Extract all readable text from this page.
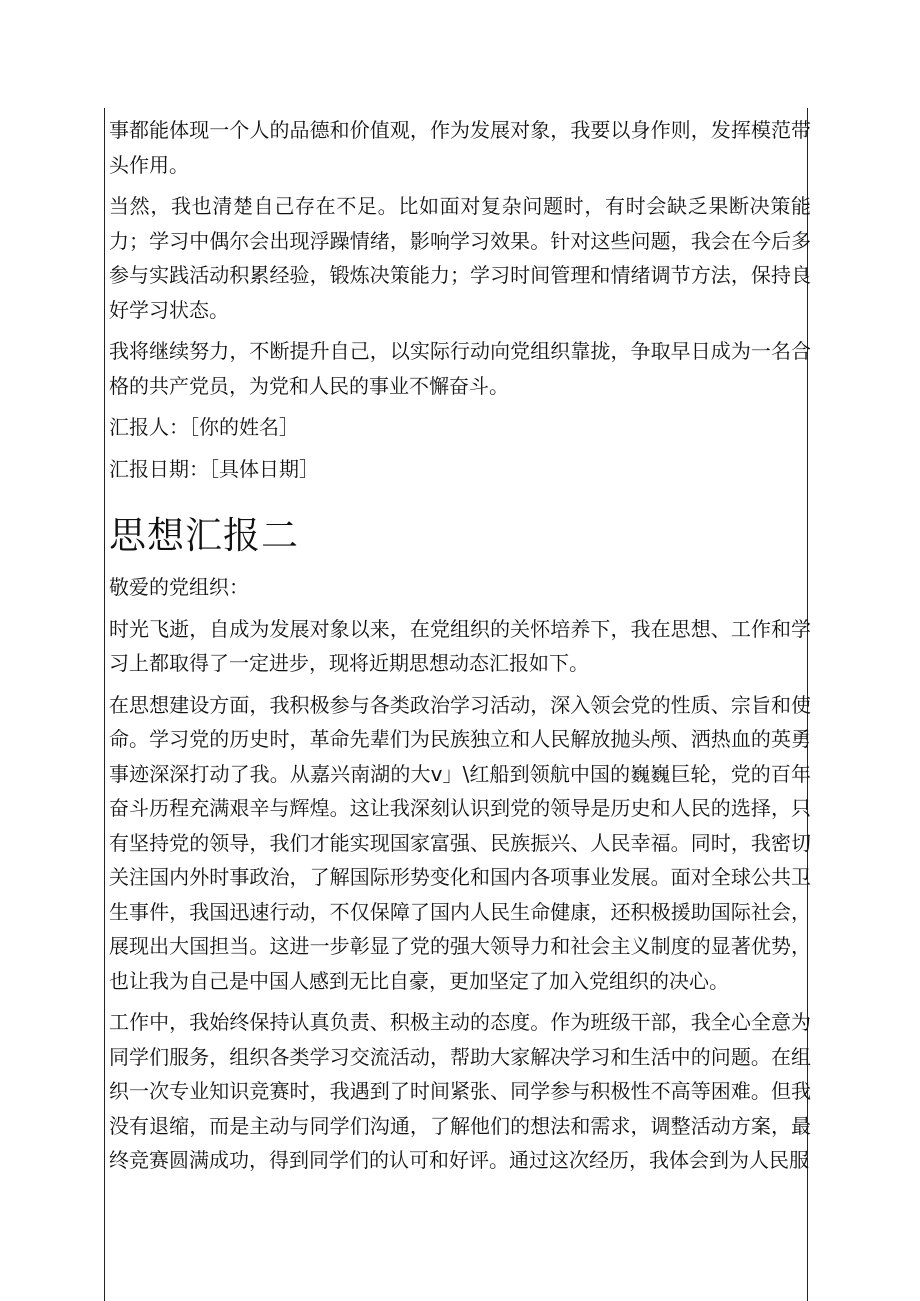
事都能体现一个人的品德和价值观，作为发展对象，我要以身作则，发挥模范带头作用。

当然，我也清楚自己存在不足。比如面对复杂问题时，有时会缺乏果断决策能力；学习中偶尔会出现浮躁情绪，影响学习效果。针对这些问题，我会在今后多参与实践活动积累经验，锻炼决策能力；学习时间管理和情绪调节方法，保持良好学习状态。

我将继续努力，不断提升自己，以实际行动向党组织靠拢，争取早日成为一名合格的共产党员，为党和人民的事业不懈奋斗。

汇报人：［你的姓名］

汇报日期：［具体日期］

思想汇报二

敬爱的党组织：

时光飞逝，自成为发展对象以来，在党组织的关怀培养下，我在思想、工作和学习上都取得了一定进步，现将近期思想动态汇报如下。

在思想建设方面，我积极参与各类政治学习活动，深入领会党的性质、宗旨和使命。学习党的历史时，革命先辈们为民族独立和人民解放抛头颅、洒热血的英勇事迹深深打动了我。从嘉兴南湖的大v」\红船到领航中国的巍巍巨轮，党的百年奋斗历程充满艰辛与辉煌。这让我深刻认识到党的领导是历史和人民的选择，只有坚持党的领导，我们才能实现国家富强、民族振兴、人民幸福。同时，我密切关注国内外时事政治，了解国际形势变化和国内各项事业发展。面对全球公共卫生事件，我国迅速行动，不仅保障了国内人民生命健康，还积极援助国际社会，展现出大国担当。这进一步彰显了党的强大领导力和社会主义制度的显著优势，也让我为自己是中国人感到无比自豪，更加坚定了加入党组织的决心。

工作中，我始终保持认真负责、积极主动的态度。作为班级干部，我全心全意为同学们服务，组织各类学习交流活动，帮助大家解决学习和生活中的问题。在组织一次专业知识竞赛时，我遇到了时间紧张、同学参与积极性不高等困难。但我没有退缩，而是主动与同学们沟通，了解他们的想法和需求，调整活动方案，最终竞赛圆满成功，得到同学们的认可和好评。通过这次经历，我体会到为人民服
